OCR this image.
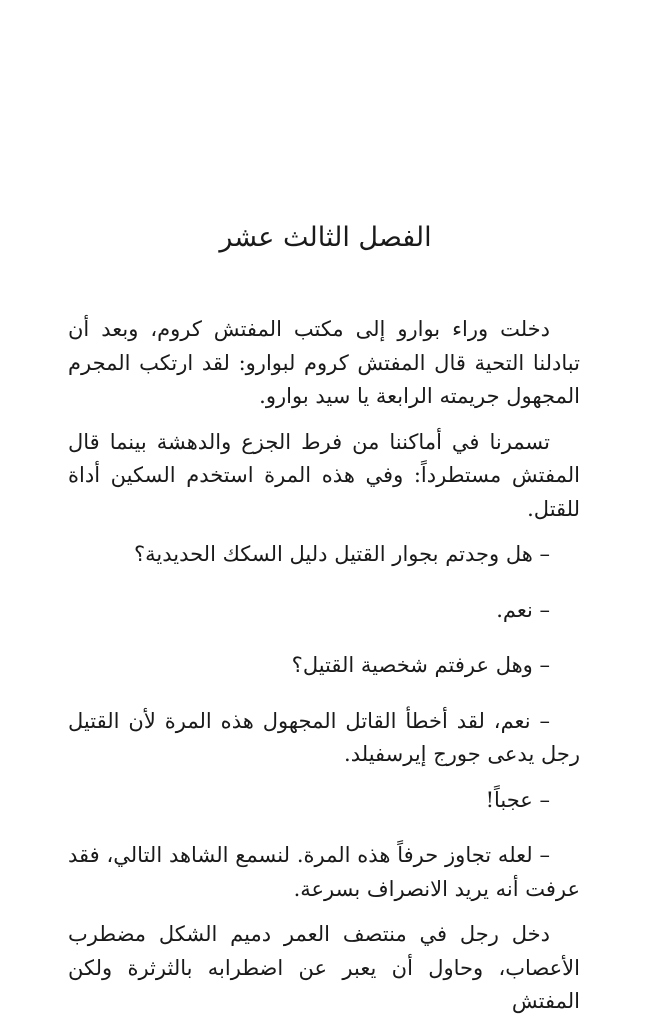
الفصل الثالث عشر

دخلت وراء بوارو إلى مكتب المفتش كروم، وبعد أن تبادلنا التحية قال المفتش كروم لبوارو: لقد ارتكب المجرم المجهول جريمته الرابعة يا سيد بوارو.

تسمرنا في أماكننا من فرط الجزع والدهشة بينما قال المفتش مستطرداً: وفي هذه المرة استخدم السكين أداة للقتل.

– هل وجدتم بجوار القتيل دليل السكك الحديدية؟

– نعم.

– وهل عرفتم شخصية القتيل؟

– نعم، لقد أخطأ القاتل المجهول هذه المرة لأن القتيل رجل يدعى جورج إيرسفيلد.

– عجباً!

– لعله تجاوز حرفاً هذه المرة. لنسمع الشاهد التالي، فقد عرفت أنه يريد الانصراف بسرعة.

دخل رجل في منتصف العمر دميم الشكل مضطرب الأعصاب، وحاول أن يعبر عن اضطرابه بالثرثرة ولكن المفتش
